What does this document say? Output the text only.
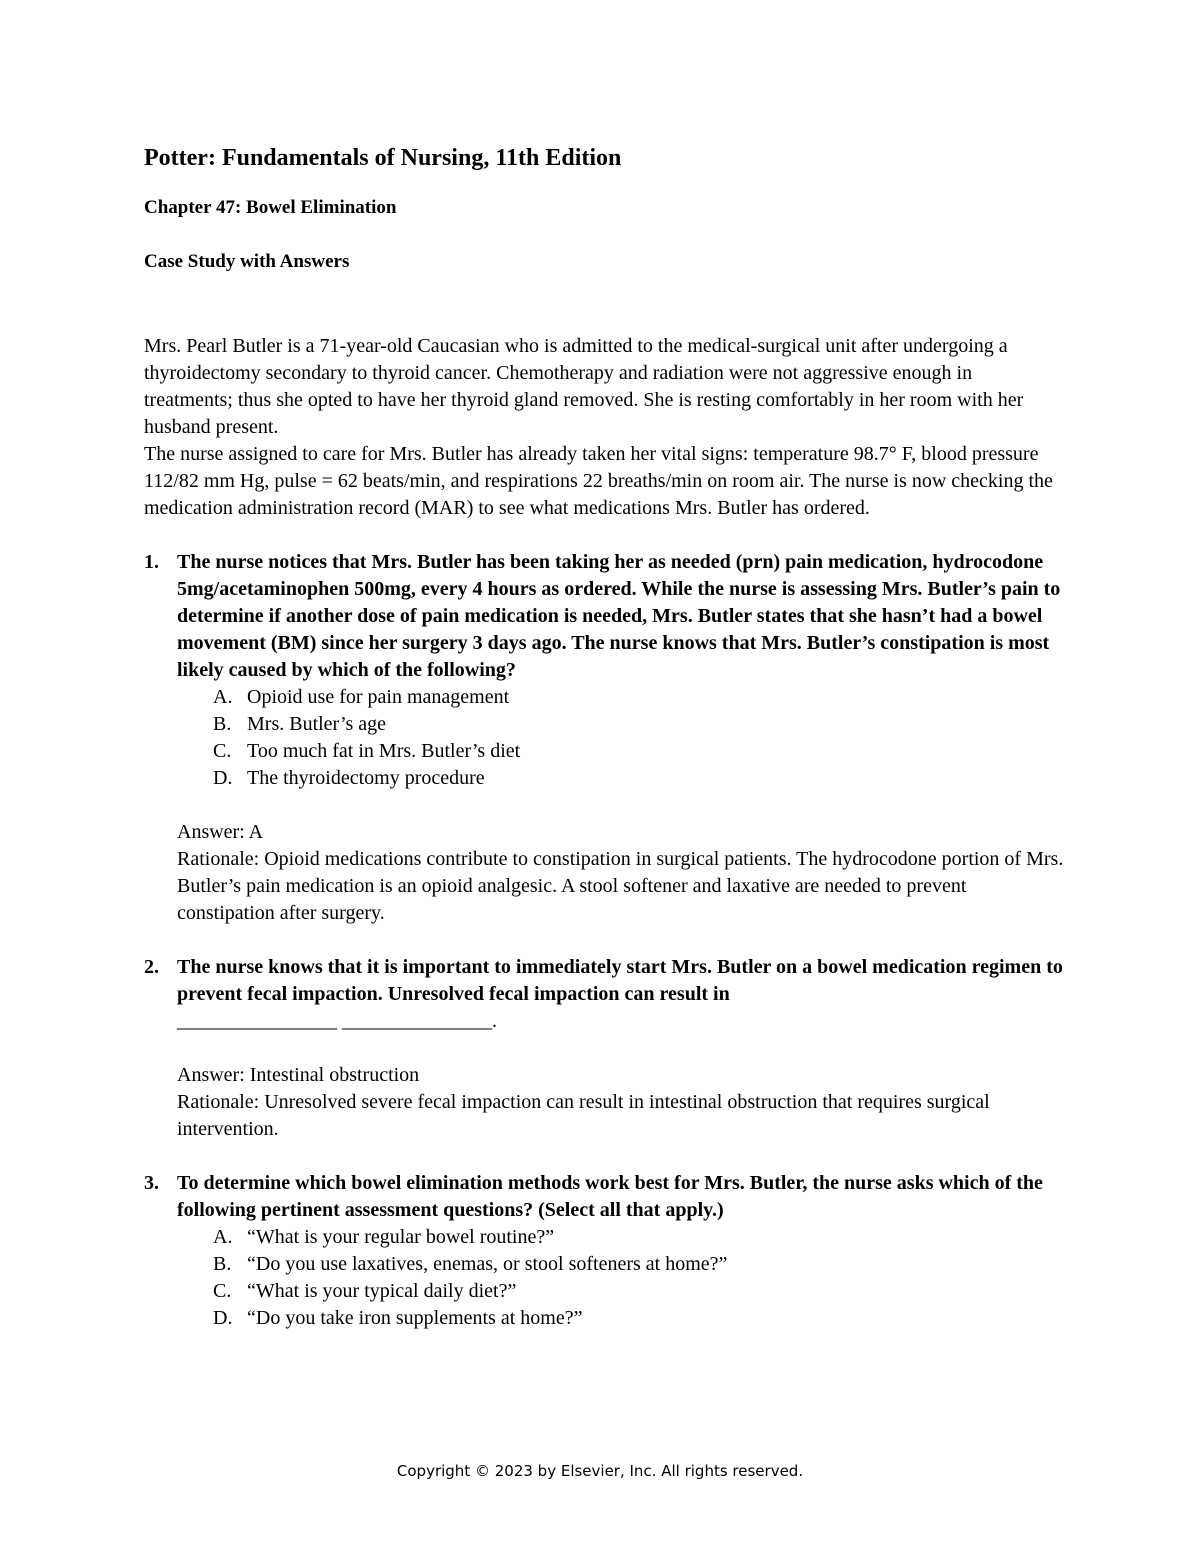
Potter: Fundamentals of Nursing, 11th Edition
Chapter 47: Bowel Elimination
Case Study with Answers

Mrs. Pearl Butler is a 71-year-old Caucasian who is admitted to the medical-surgical unit after undergoing a thyroidectomy secondary to thyroid cancer. Chemotherapy and radiation were not aggressive enough in treatments; thus she opted to have her thyroid gland removed. She is resting comfortably in her room with her husband present.

The nurse assigned to care for Mrs. Butler has already taken her vital signs: temperature 98.7° F, blood pressure 112/82 mm Hg, pulse = 62 beats/min, and respirations 22 breaths/min on room air. The nurse is now checking the medication administration record (MAR) to see what medications Mrs. Butler has ordered.

1. The nurse notices that Mrs. Butler has been taking her as needed (prn) pain medication, hydrocodone 5mg/acetaminophen 500mg, every 4 hours as ordered. While the nurse is assessing Mrs. Butler’s pain to determine if another dose of pain medication is needed, Mrs. Butler states that she hasn’t had a bowel movement (BM) since her surgery 3 days ago. The nurse knows that Mrs. Butler’s constipation is most likely caused by which of the following?

A. Opioid use for pain management
B. Mrs. Butler’s age
C. Too much fat in Mrs. Butler’s diet
D. The thyroidectomy procedure

Answer: A

Rationale: Opioid medications contribute to constipation in surgical patients. The hydrocodone portion of Mrs. Butler’s pain medication is an opioid analgesic. A stool softener and laxative are needed to prevent constipation after surgery.

2. The nurse knows that it is important to immediately start Mrs. Butler on a bowel medication regimen to prevent fecal impaction. Unresolved fecal impaction can result in

________________ _______________.

Answer: Intestinal obstruction

Rationale: Unresolved severe fecal impaction can result in intestinal obstruction that requires surgical intervention.

3. To determine which bowel elimination methods work best for Mrs. Butler, the nurse asks which of the following pertinent assessment questions? (Select all that apply.)

A. “What is your regular bowel routine?”
B. “Do you use laxatives, enemas, or stool softeners at home?”
C. “What is your typical daily diet?”
D. “Do you take iron supplements at home?”
Copyright © 2023 by Elsevier, Inc. All rights reserved.
